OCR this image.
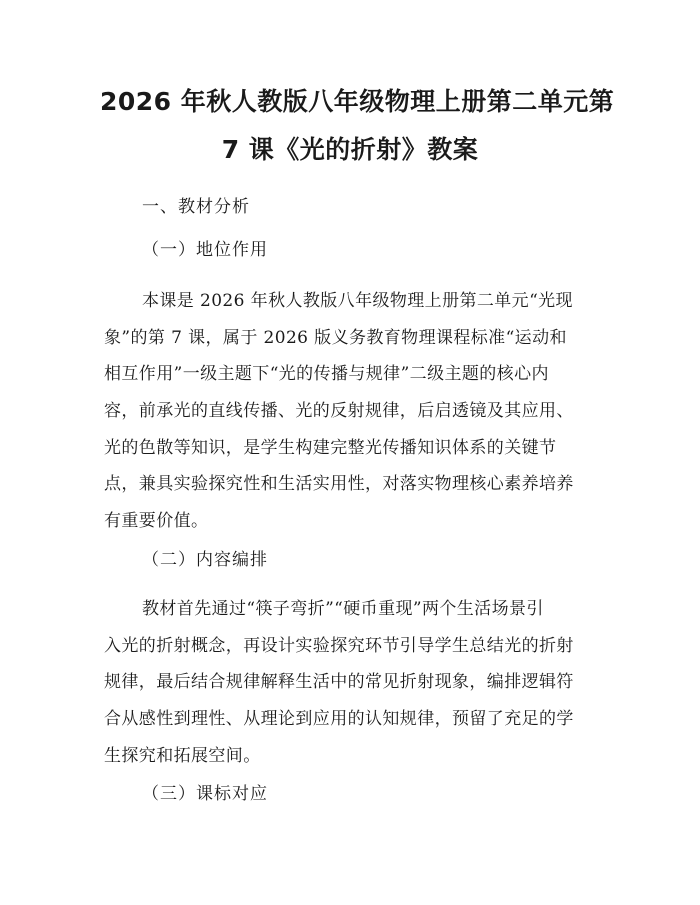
2026 年秋人教版八年级物理上册第二单元第
7 课《光的折射》教案
一、教材分析
（一）地位作用
本课是 2026 年秋人教版八年级物理上册第二单元“光现
象”的第 7 课，属于 2026 版义务教育物理课程标准“运动和
相互作用”一级主题下“光的传播与规律”二级主题的核心内
容，前承光的直线传播、光的反射规律，后启透镜及其应用、
光的色散等知识，是学生构建完整光传播知识体系的关键节
点，兼具实验探究性和生活实用性，对落实物理核心素养培养
有重要价值。
（二）内容编排
教材首先通过“筷子弯折”“硬币重现”两个生活场景引
入光的折射概念，再设计实验探究环节引导学生总结光的折射
规律，最后结合规律解释生活中的常见折射现象，编排逻辑符
合从感性到理性、从理论到应用的认知规律，预留了充足的学
生探究和拓展空间。
（三）课标对应
